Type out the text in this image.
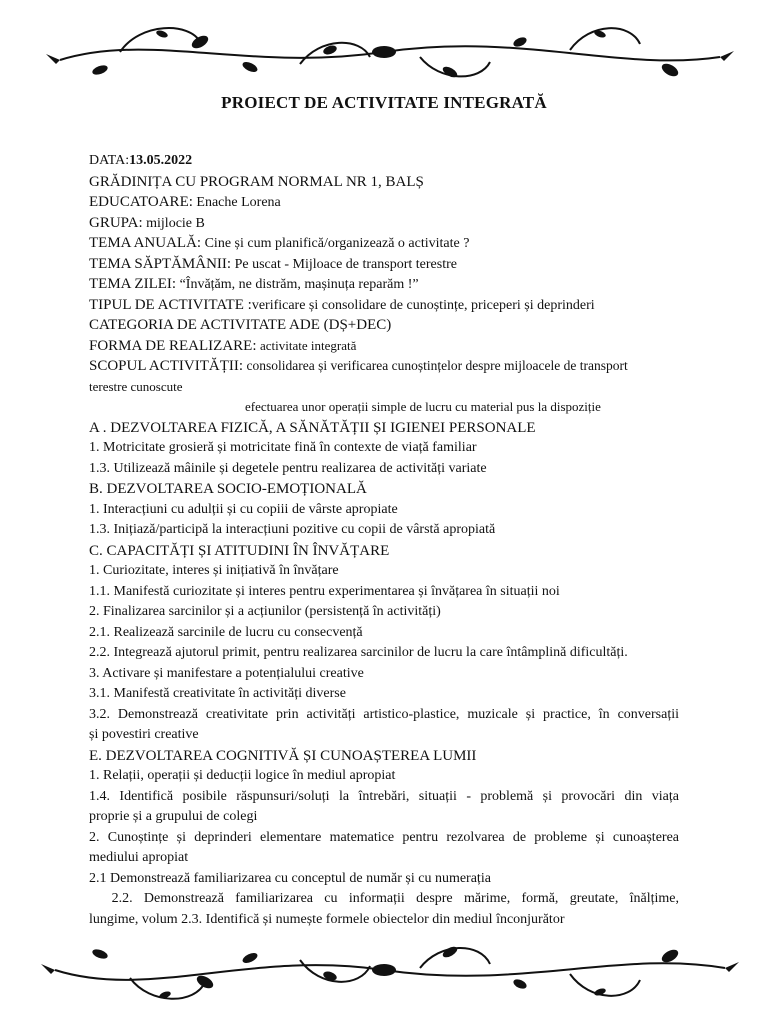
PROIECT DE ACTIVITATE INTEGRATĂ
DATA:13.05.2022
GRĂDINIȚA CU PROGRAM NORMAL NR 1, BALȘ
EDUCATOARE: Enache Lorena
GRUPA: mijlocie B
TEMA ANUALĂ: Cine și cum planifică/organizează o activitate ?
TEMA SĂPTĂMÂNII: Pe uscat - Mijloace de transport terestre
TEMA ZILEI: “Învățăm, ne distrăm, mașinuța reparăm !”
TIPUL DE ACTIVITATE :verificare și consolidare de cunoștințe, priceperi și deprinderi
CATEGORIA DE ACTIVITATE ADE (DȘ+DEC)
FORMA DE REALIZARE: activitate integrată
SCOPUL ACTIVITĂȚII: consolidarea și verificarea cunoștințelor despre mijloacele de transport
terestre cunoscute
efectuarea unor operații simple de lucru cu material pus la dispoziție
A . DEZVOLTAREA FIZICĂ, A SĂNĂTĂȚII ȘI IGIENEI PERSONALE
1. Motricitate grosieră și motricitate fină în contexte de viață familiar
1.3. Utilizează mâinile și degetele pentru realizarea de activități variate
B. DEZVOLTAREA SOCIO-EMOȚIONALĂ
1. Interacțiuni cu adulții și cu copiii de vârste apropiate
1.3. Inițiază/participă la interacțiuni pozitive cu copii de vârstă apropiată
C. CAPACITĂȚI ȘI ATITUDINI ÎN ÎNVĂȚARE
1. Curiozitate, interes și inițiativă în învățare
1.1. Manifestă curiozitate și interes pentru experimentarea și învățarea în situații noi
2. Finalizarea sarcinilor și a acțiunilor (persistență în activități)
2.1. Realizează sarcinile de lucru cu consecvență
2.2. Integrează ajutorul primit, pentru realizarea sarcinilor de lucru la care întâmplină dificultăți.
3. Activare și manifestare a potențialului creative
3.1. Manifestă creativitate în activități diverse
3.2. Demonstrează creativitate prin activități artistico-plastice, muzicale și practice, în conversații
și povestiri creative
E. DEZVOLTAREA COGNITIVĂ ȘI CUNOAȘTEREA LUMII
1. Relații, operații și deducții logice în mediul apropiat
1.4. Identifică posibile răspunsuri/soluți la întrebări, situații - problemă și provocări din viața
proprie și a grupului de colegi
2. Cunoștințe și deprinderi elementare matematice pentru rezolvarea de probleme și cunoașterea
mediului apropiat
2.1 Demonstrează familiarizarea cu conceptul de număr și cu numerația
2.2. Demonstrează familiarizarea cu informații despre mărime, formă, greutate, înălțime,
lungime, volum 2.3. Identifică și numește formele obiectelor din mediul înconjurător
